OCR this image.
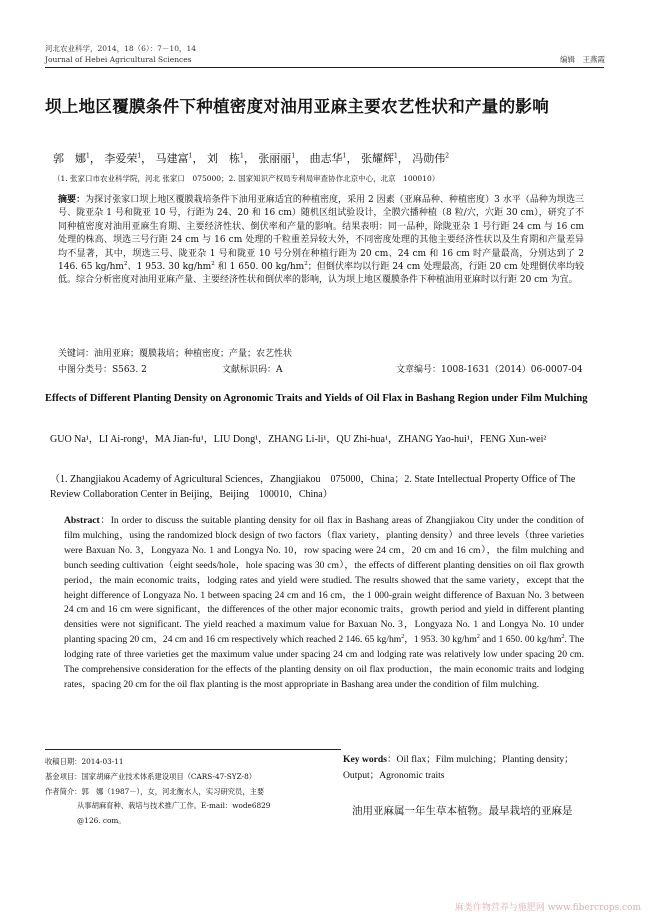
河北农业科学，2014，18（6）：7－10，14
Journal of Hebei Agricultural Sciences	编辑　王燕霞
坝上地区覆膜条件下种植密度对油用亚麻主要农艺性状和产量的影响
郭　娜$^1$， 李爱荣$^1$， 马建富$^1$， 刘　栋$^1$， 张丽丽$^1$， 曲志华$^1$， 张耀辉$^1$， 冯勋伟$^2$
（1. 张家口市农业科学院，河北 张家口　075000；2. 国家知识产权局专利局审查协作北京中心，北京　100010）
摘要：为探讨张家口坝上地区覆膜栽培条件下油用亚麻适宜的种植密度，采用 2 因素（亚麻品种、种植密度）3 水平（品种为坝选三号、陇亚杂 1 号和陇亚 10 号，行距为 24、20 和 16 cm）随机区组试验设计，全膜穴播种植（8 粒/穴，穴距 30 cm），研究了不同种植密度对油用亚麻生育期、主要经济性状、倒伏率和产量的影响。结果表明：同一品种，除陇亚杂 1 号行距 24 cm 与 16 cm 处理的株高、坝选三号行距 24 cm 与 16 cm 处理的千粒重差异较大外，不同密度处理的其他主要经济性状以及生育期和产量差异均不显著，其中，坝选三号、陇亚杂 1 号和陇亚 10 号分别在种植行距为 20 cm、24 cm 和 16 cm 时产量最高，分别达到了 2 146. 65 $kg/hm^2$、1 953. 30 $kg/hm^2$ 和 1 650. 00 $kg/hm^2$；但倒伏率均以行距 24 cm 处理最高，行距 20 cm 处理倒伏率均较低。综合分析密度对油用亚麻产量、主要经济性状和倒伏率的影响，认为坝上地区覆膜条件下种植油用亚麻时以行距 20 cm 为宜。
关键词：油用亚麻；覆膜栽培；种植密度；产量；农艺性状
中图分类号：S563. 2	文献标识码：A	文章编号：1008-1631（2014）06-0007-04
Effects of Different Planting Density on Agronomic Traits and Yields of Oil Flax in Bashang Region under Film Mulching
GUO Na¹，LI Ai-rong¹，MA Jian-fu¹，LIU Dong¹，ZHANG Li-li¹，QU Zhi-hua¹，ZHANG Yao-hui¹，FENG Xun-wei²
（1. Zhangjiakou Academy of Agricultural Sciences，Zhangjiakou　075000，China；2. State Intellectual Property Office of The Review Collaboration Center in Beijing，Beijing　100010，China）
Abstract：In order to discuss the suitable planting density for oil flax in Bashang areas of Zhangjiakou City under the condition of film mulching，using the randomized block design of two factors（flax variety，planting density）and three levels（three varieties were Baxuan No. 3，Longyaza No. 1 and Longya No. 10，row spacing were 24 cm，20 cm and 16 cm），the film mulching and bunch seeding cultivation（eight seeds/hole，hole spacing was 30 cm），the effects of different planting densities on oil flax growth period，the main economic traits，lodging rates and yield were studied. The results showed that the same variety，except that the height difference of Longyaza No. 1 between spacing 24 cm and 16 cm，the 1 000-grain weight difference of Baxuan No. 3 between 24 cm and 16 cm were significant，the differences of the other major economic traits，growth period and yield in different planting densities were not significant. The yield reached a maximum value for Baxuan No. 3，Longyaza No. 1 and Longya No. 10 under planting spacing 20 cm，24 cm and 16 cm respectively which reached 2 146. 65 $kg/hm^2$，1 953. 30 $kg/hm^2$ and 1 650. 00 $kg/hm^2$. The lodging rate of three varieties get the maximum value under spacing 24 cm and lodging rate was relatively low under spacing 20 cm. The comprehensive consideration for the effects of the planting density on oil flax production，the main economic traits and lodging rates，spacing 20 cm for the oil flax planting is the most appropriate in Bashang area under the condition of film mulching.
Key words：Oil flax；Film mulching；Planting density；Output；Agronomic traits
收稿日期：2014-03-11
基金项目：国家胡麻产业技术体系建设项目（CARS-47-SYZ-8）
作者简介：郭　娜（1987－），女，河北衡水人，实习研究员，主要
从事胡麻育种、栽培与技术推广工作。E-mail：wode6829
@126. com。
油用亚麻属一年生草本植物。最早栽培的亚麻是
麻类作物营养与施肥网 www.fibercrops.com
